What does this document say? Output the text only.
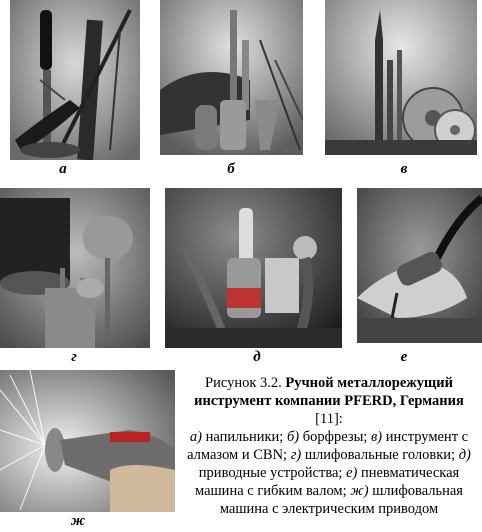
а	б	в
г	д	е
ж
Рисунок 3.2. Ручной металлорежущий инструмент компании PFERD, Германия [11]:
а) напильники; б) борфрезы; в) инструмент с алмазом и CBN; г) шлифовальные головки; д) приводные устройства; е) пневматическая машина с гибким валом; ж) шлифовальная машина с электрическим приводом
